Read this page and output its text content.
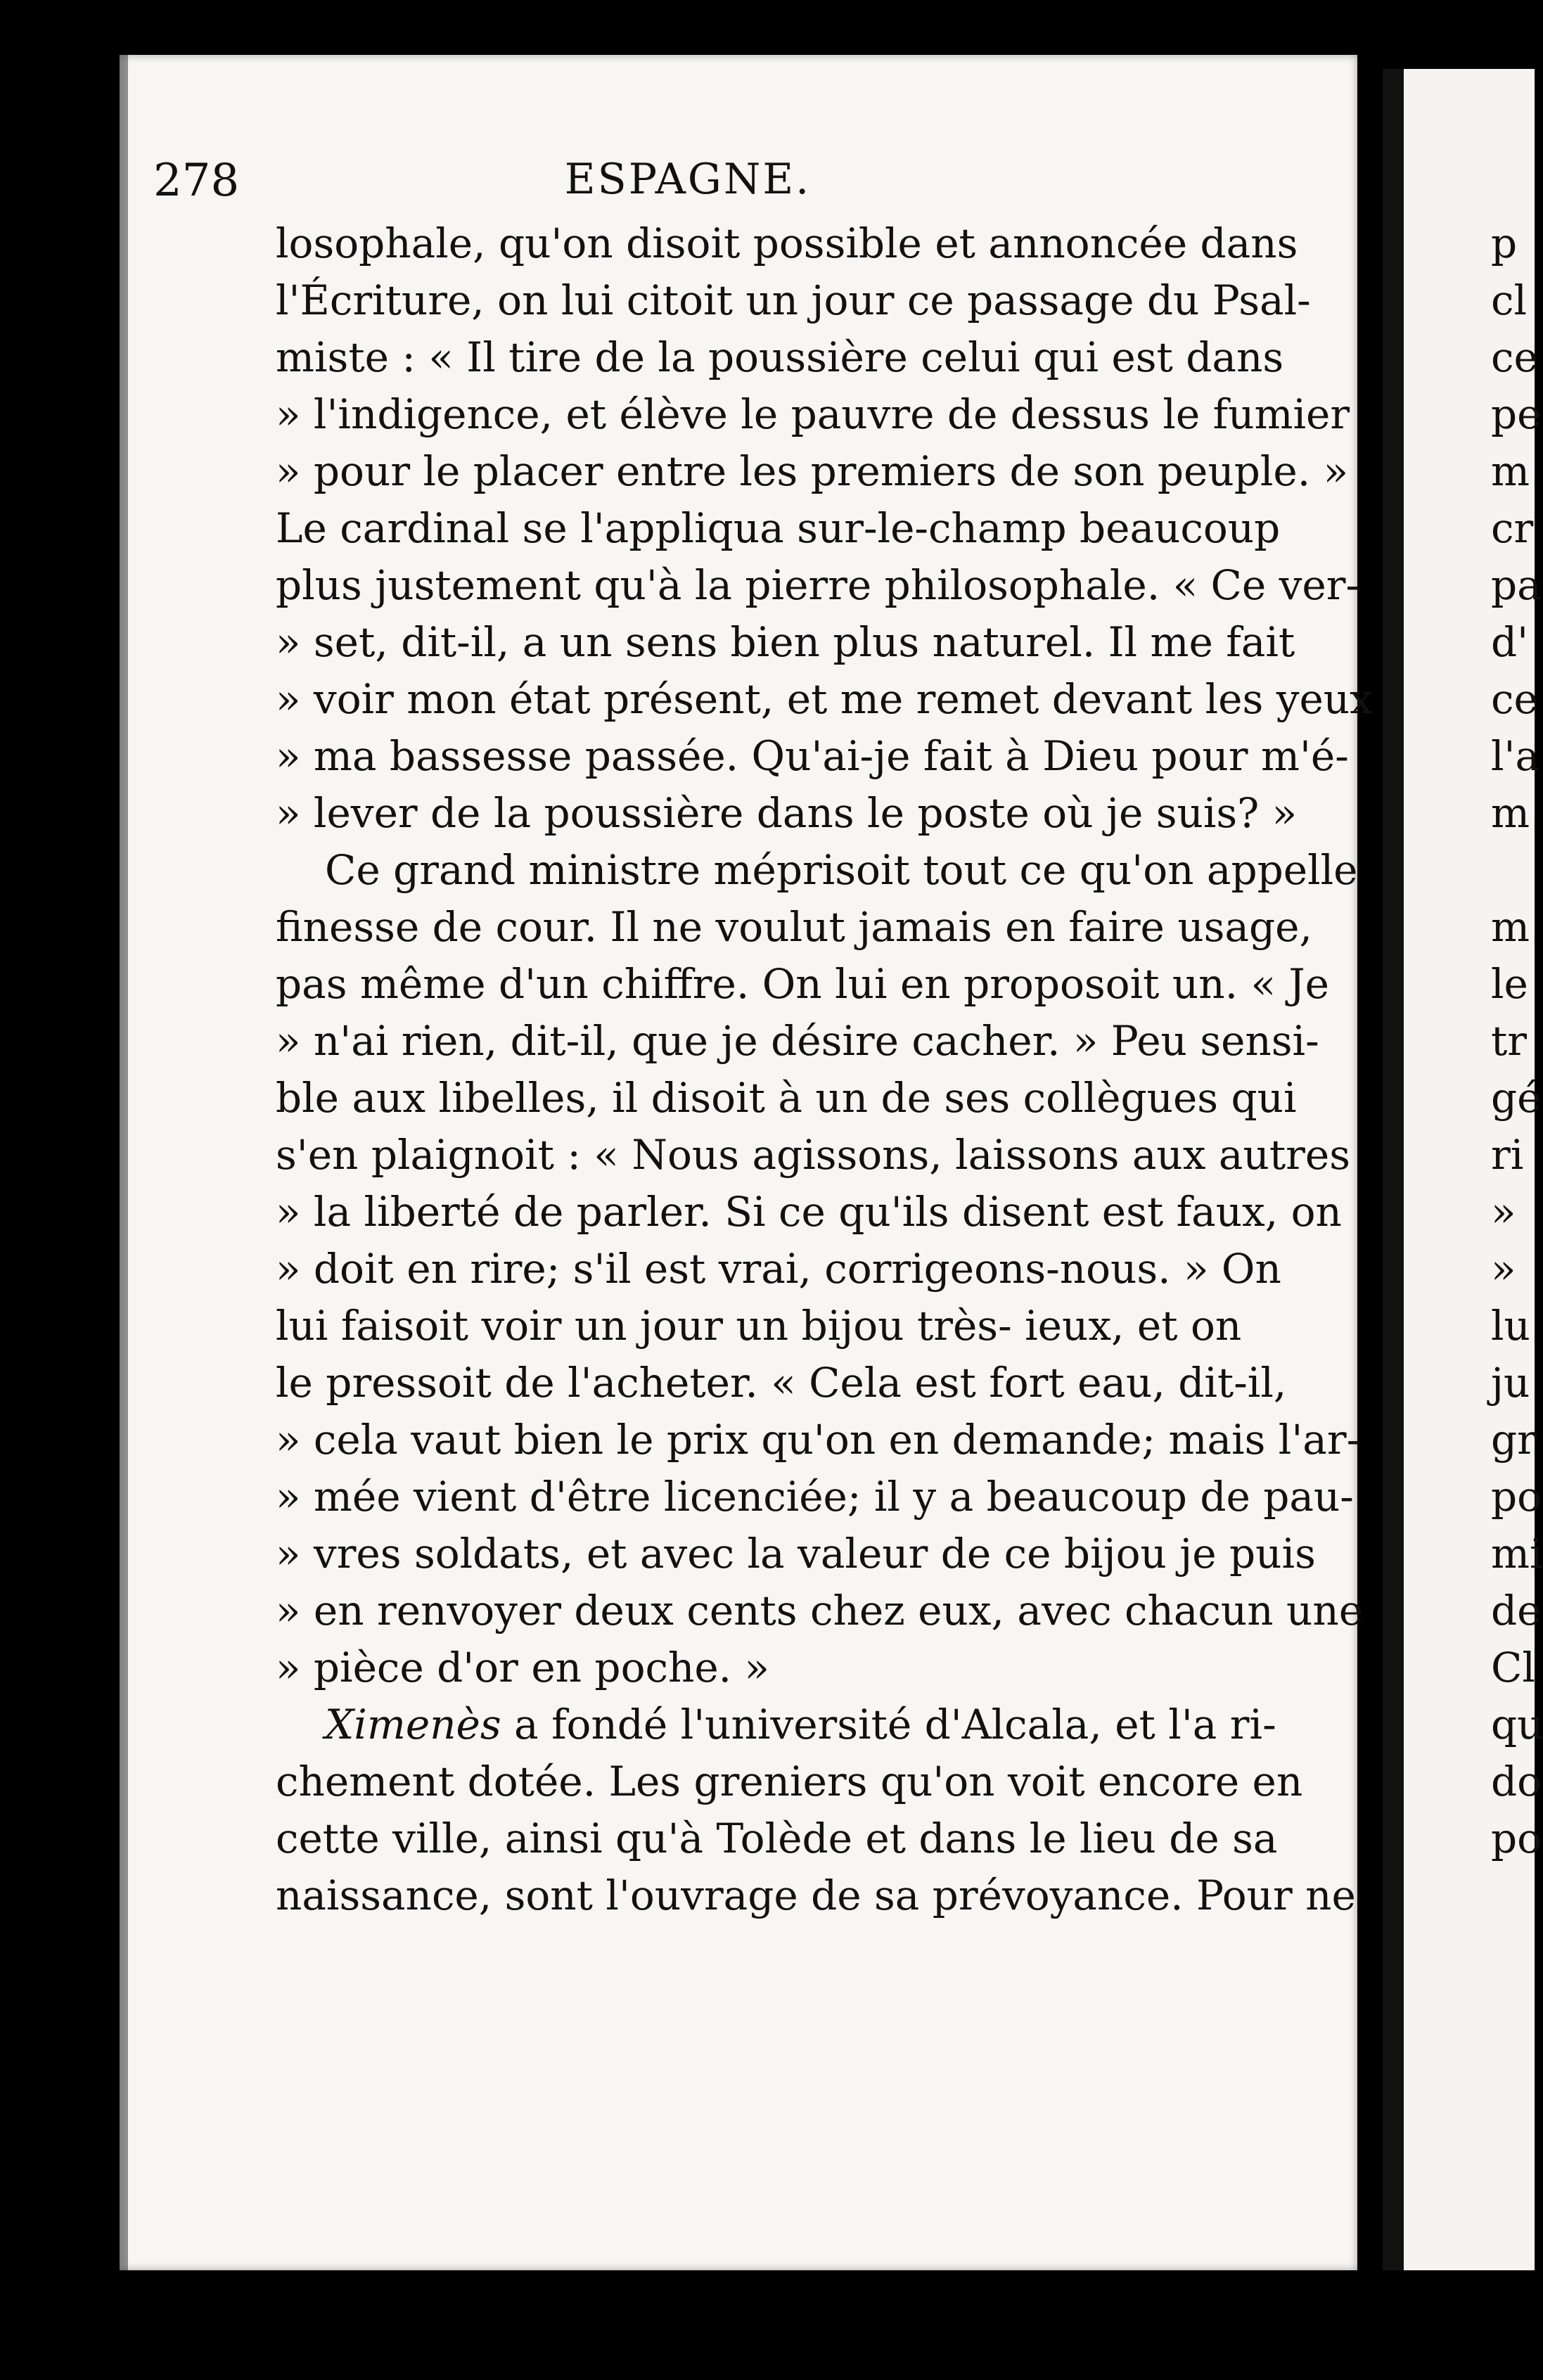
278	ESPAGNE.
losophale, qu'on disoit possible et annoncée dans
l'Écriture, on lui citoit un jour ce passage du Psal-
miste : « Il tire de la poussière celui qui est dans
» l'indigence, et élève le pauvre de dessus le fumier
» pour le placer entre les premiers de son peuple. »
Le cardinal se l'appliqua sur-le-champ beaucoup
plus justement qu'à la pierre philosophale. « Ce ver-
» set, dit-il, a un sens bien plus naturel. Il me fait
» voir mon état présent, et me remet devant les yeux
» ma bassesse passée. Qu'ai-je fait à Dieu pour m'é-
» lever de la poussière dans le poste où je suis? »
Ce grand ministre méprisoit tout ce qu'on appelle
finesse de cour. Il ne voulut jamais en faire usage,
pas même d'un chiffre. On lui en proposoit un. « Je
» n'ai rien, dit-il, que je désire cacher. » Peu sensi-
ble aux libelles, il disoit à un de ses collègues qui
s'en plaignoit : « Nous agissons, laissons aux autres
» la liberté de parler. Si ce qu'ils disent est faux, on
» doit en rire; s'il est vrai, corrigeons-nous. » On
lui faisoit voir un jour un bijou très- ieux, et on
le pressoit de l'acheter. « Cela est fort eau, dit-il,
» cela vaut bien le prix qu'on en demande; mais l'ar-
» mée vient d'être licenciée; il y a beaucoup de pau-
» vres soldats, et avec la valeur de ce bijou je puis
» en renvoyer deux cents chez eux, avec chacun une
» pièce d'or en poche. »
Ximenès a fondé l'université d'Alcala, et l'a ri-
chement dotée. Les greniers qu'on voit encore en
cette ville, ainsi qu'à Tolède et dans le lieu de sa
naissance, sont l'ouvrage de sa prévoyance. Pour ne
p
cl
ce
pe
m
cr
pa
d'
ce
l'a
m
m
le
tr
gé
ri
»
»
lu
ju
gr
po
mi
de
Cl
qu
do
po
